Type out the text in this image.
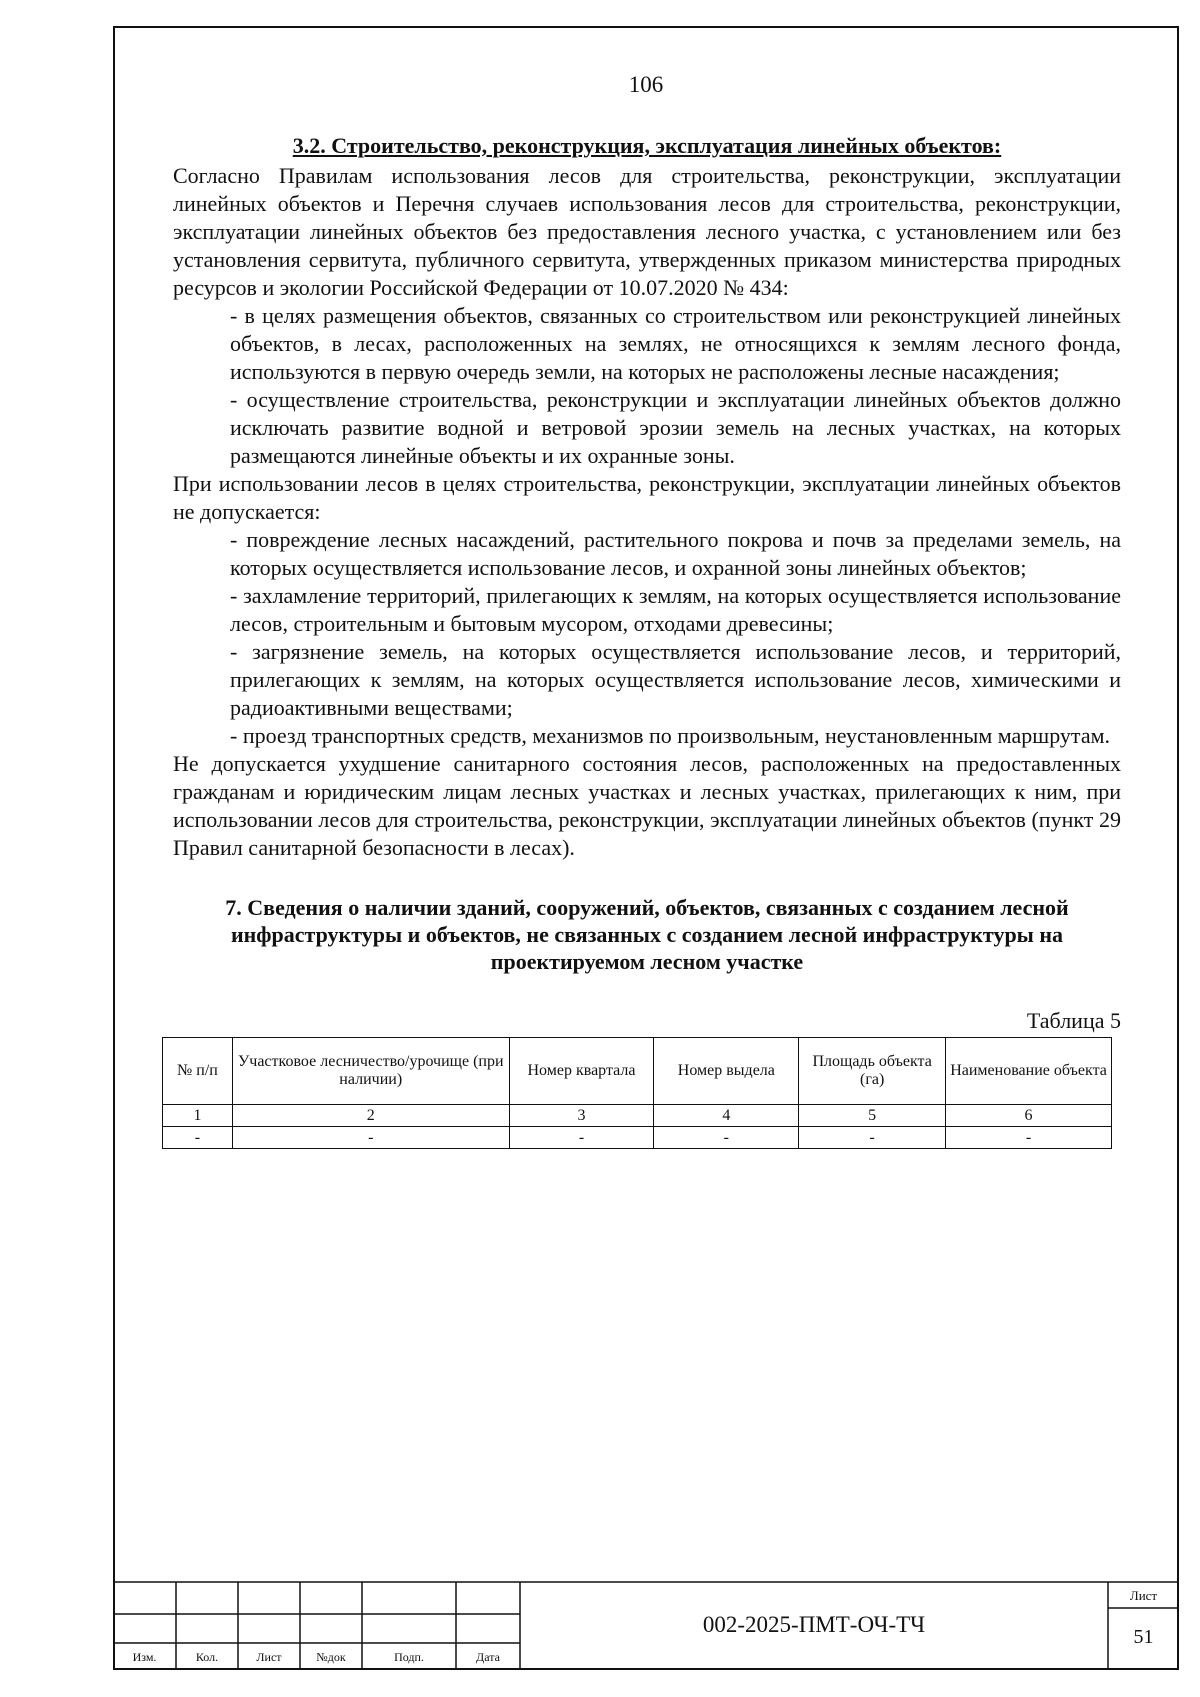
106

3.2. Строительство, реконструкция, эксплуатация линейных объектов:

Согласно Правилам использования лесов для строительства, реконструкции, эксплуатации линейных объектов и Перечня случаев использования лесов для строительства, реконструкции, эксплуатации линейных объектов без предоставления лесного участка, с установлением или без установления сервитута, публичного сервитута, утвержденных приказом министерства природных ресурсов и экологии Российской Федерации от 10.07.2020 № 434:

- в целях размещения объектов, связанных со строительством или реконструкцией линейных объектов, в лесах, расположенных на землях, не относящихся к землям лесного фонда, используются в первую очередь земли, на которых не расположены лесные насаждения;

- осуществление строительства, реконструкции и эксплуатации линейных объектов должно исключать развитие водной и ветровой эрозии земель на лесных участках, на которых размещаются линейные объекты и их охранные зоны.

При использовании лесов в целях строительства, реконструкции, эксплуатации линейных объектов не допускается:

- повреждение лесных насаждений, растительного покрова и почв за пределами земель, на которых осуществляется использование лесов, и охранной зоны линейных объектов;

- захламление территорий, прилегающих к землям, на которых осуществляется использование лесов, строительным и бытовым мусором, отходами древесины;

- загрязнение земель, на которых осуществляется использование лесов, и территорий, прилегающих к землям, на которых осуществляется использование лесов, химическими и радиоактивными веществами;

- проезд транспортных средств, механизмов по произвольным, неустановленным маршрутам.

Не допускается ухудшение санитарного состояния лесов, расположенных на предоставленных гражданам и юридическим лицам лесных участках и лесных участках, прилегающих к ним, при использовании лесов для строительства, реконструкции, эксплуатации линейных объектов (пункт 29 Правил санитарной безопасности в лесах).

7. Сведения о наличии зданий, сооружений, объектов, связанных с созданием лесной инфраструктуры и объектов, не связанных с созданием лесной инфраструктуры на проектируемом лесном участке

Таблица 5

№ п/п	Участковое лесничество/урочище (при наличии)	Номер квартала	Номер выдела	Площадь объекта (га)	Наименование объекта
1	2	3	4	5	6
-	-	-	-	-	-
Изм.	Кол.	Лист	№док	Подп.	Дата
002-2025-ПМТ-ОЧ-ТЧ
Лист
51
